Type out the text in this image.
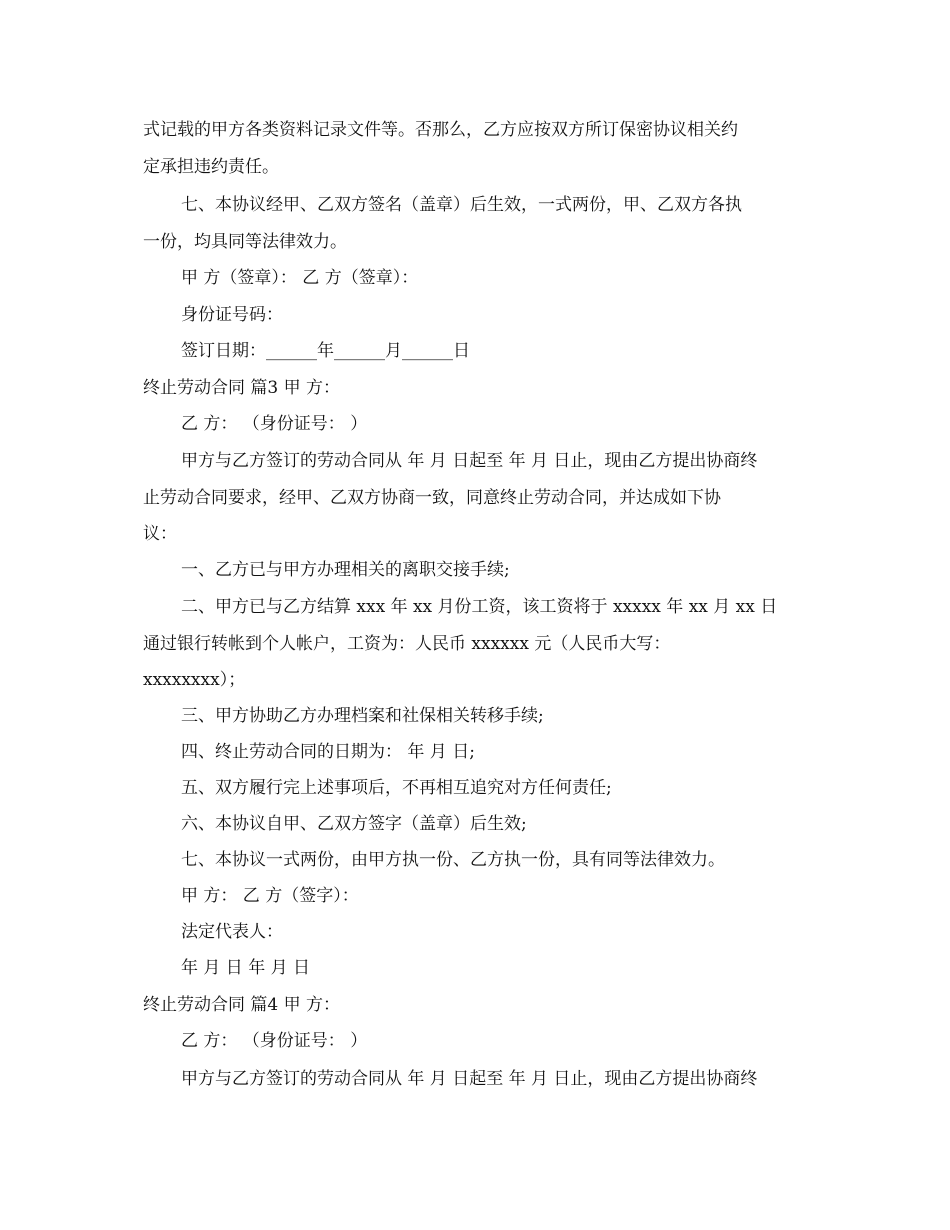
式记载的甲方各类资料记录文件等。否那么，乙方应按双方所订保密协议相关约
定承担违约责任。
七、本协议经甲、乙双方签名（盖章）后生效，一式两份，甲、乙双方各执
一份，均具同等法律效力。
甲 方（签章）： 乙 方（签章）：
身份证号码：
签订日期：______年______月______日
终止劳动合同 篇3 甲 方：
乙 方： （身份证号： ）
甲方与乙方签订的劳动合同从 年 月 日起至 年 月 日止，现由乙方提出协商终
止劳动合同要求，经甲、乙双方协商一致，同意终止劳动合同，并达成如下协
议：
一、乙方已与甲方办理相关的离职交接手续;
二、甲方已与乙方结算 xxx 年 xx 月份工资，该工资将于 xxxxx 年 xx 月 xx 日
通过银行转帐到个人帐户，工资为：人民币 xxxxxx 元（人民币大写：
xxxxxxxx）；
三、甲方协助乙方办理档案和社保相关转移手续;
四、终止劳动合同的日期为： 年 月 日;
五、双方履行完上述事项后，不再相互追究对方任何责任;
六、本协议自甲、乙双方签字（盖章）后生效;
七、本协议一式两份，由甲方执一份、乙方执一份，具有同等法律效力。
甲 方： 乙 方（签字）：
法定代表人：
年 月 日 年 月 日
终止劳动合同 篇4 甲 方：
乙 方： （身份证号： ）
甲方与乙方签订的劳动合同从 年 月 日起至 年 月 日止，现由乙方提出协商终
